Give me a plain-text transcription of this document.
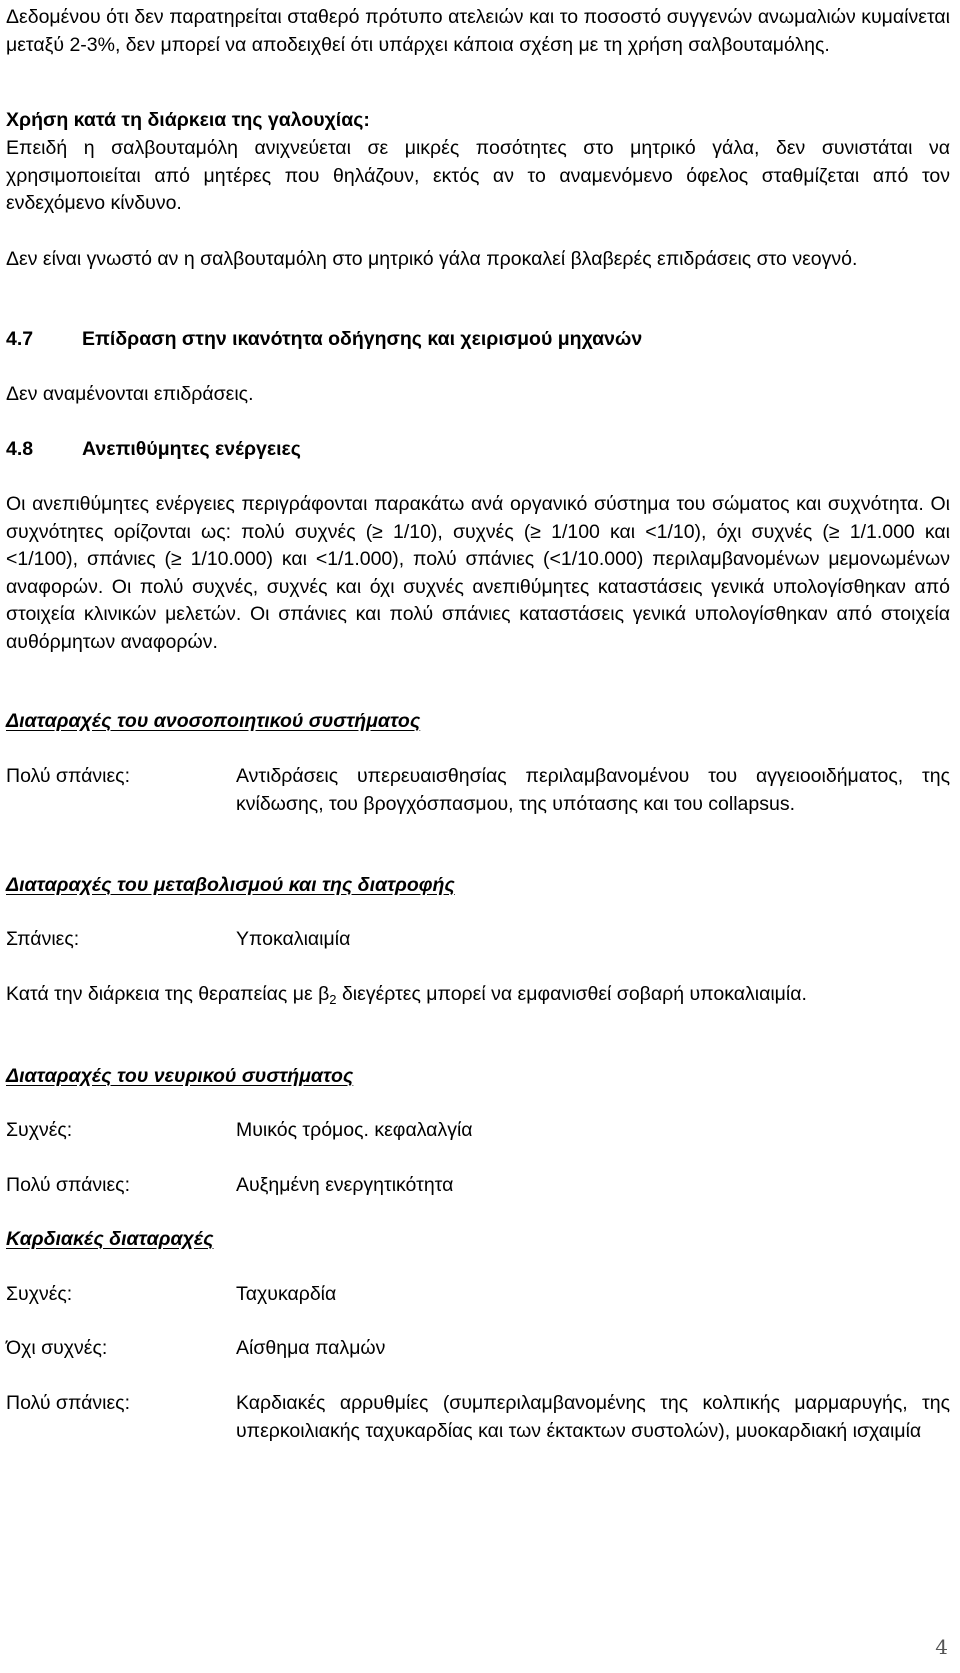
Δεδομένου ότι δεν παρατηρείται σταθερό πρότυπο ατελειών και το ποσοστό συγγενών ανωμαλιών κυμαίνεται μεταξύ 2-3%, δεν μπορεί να αποδειχθεί ότι υπάρχει κάποια σχέση με τη χρήση σαλβουταμόλης.

Χρήση κατά τη διάρκεια της γαλουχίας:

Επειδή η σαλβουταμόλη ανιχνεύεται σε μικρές ποσότητες στο μητρικό γάλα, δεν συνιστάται να χρησιμοποιείται από μητέρες που θηλάζουν, εκτός αν το αναμενόμενο όφελος σταθμίζεται από τον ενδεχόμενο κίνδυνο.

Δεν είναι γνωστό αν η σαλβουταμόλη στο μητρικό γάλα προκαλεί βλαβερές επιδράσεις στο νεογνό.

4.7	Επίδραση στην ικανότητα οδήγησης και χειρισμού μηχανών

Δεν αναμένονται επιδράσεις.

4.8	Ανεπιθύμητες ενέργειες

Οι ανεπιθύμητες ενέργειες περιγράφονται παρακάτω ανά οργανικό σύστημα του σώματος και συχνότητα. Οι συχνότητες ορίζονται ως: πολύ συχνές (≥ 1/10), συχνές (≥ 1/100 και <1/10), όχι συχνές (≥ 1/1.000 και <1/100), σπάνιες (≥ 1/10.000) και <1/1.000), πολύ σπάνιες (<1/10.000) περιλαμβανομένων μεμονωμένων αναφορών. Οι πολύ συχνές, συχνές και όχι συχνές ανεπιθύμητες καταστάσεις γενικά υπολογίσθηκαν από στοιχεία κλινικών μελετών. Οι σπάνιες και πολύ σπάνιες καταστάσεις γενικά υπολογίσθηκαν από στοιχεία αυθόρμητων αναφορών.

Διαταραχές του ανοσοποιητικού συστήματος

Πολύ σπάνιες:	Αντιδράσεις υπερευαισθησίας περιλαμβανομένου του αγγειοοιδήματος, της κνίδωσης, του βρογχόσπασμου, της υπότασης και του collapsus.

Διαταραχές του μεταβολισμού και της διατροφής

Σπάνιες:	Υποκαλιαιμία

Κατά την διάρκεια της θεραπείας με $\beta_2$ διεγέρτες μπορεί να εμφανισθεί σοβαρή υποκαλιαιμία.

Διαταραχές του νευρικού συστήματος

Συχνές:	Μυικός τρόμος. κεφαλαλγία
Πολύ σπάνιες:	Αυξημένη ενεργητικότητα

Καρδιακές διαταραχές

Συχνές:	Ταχυκαρδία
Όχι συχνές:	Αίσθημα παλμών
Πολύ σπάνιες:	Καρδιακές αρρυθμίες (συμπεριλαμβανομένης της κολπικής μαρμαρυγής, της υπερκοιλιακής ταχυκαρδίας και των έκτακτων συστολών), μυοκαρδιακή ισχαιμία
4
